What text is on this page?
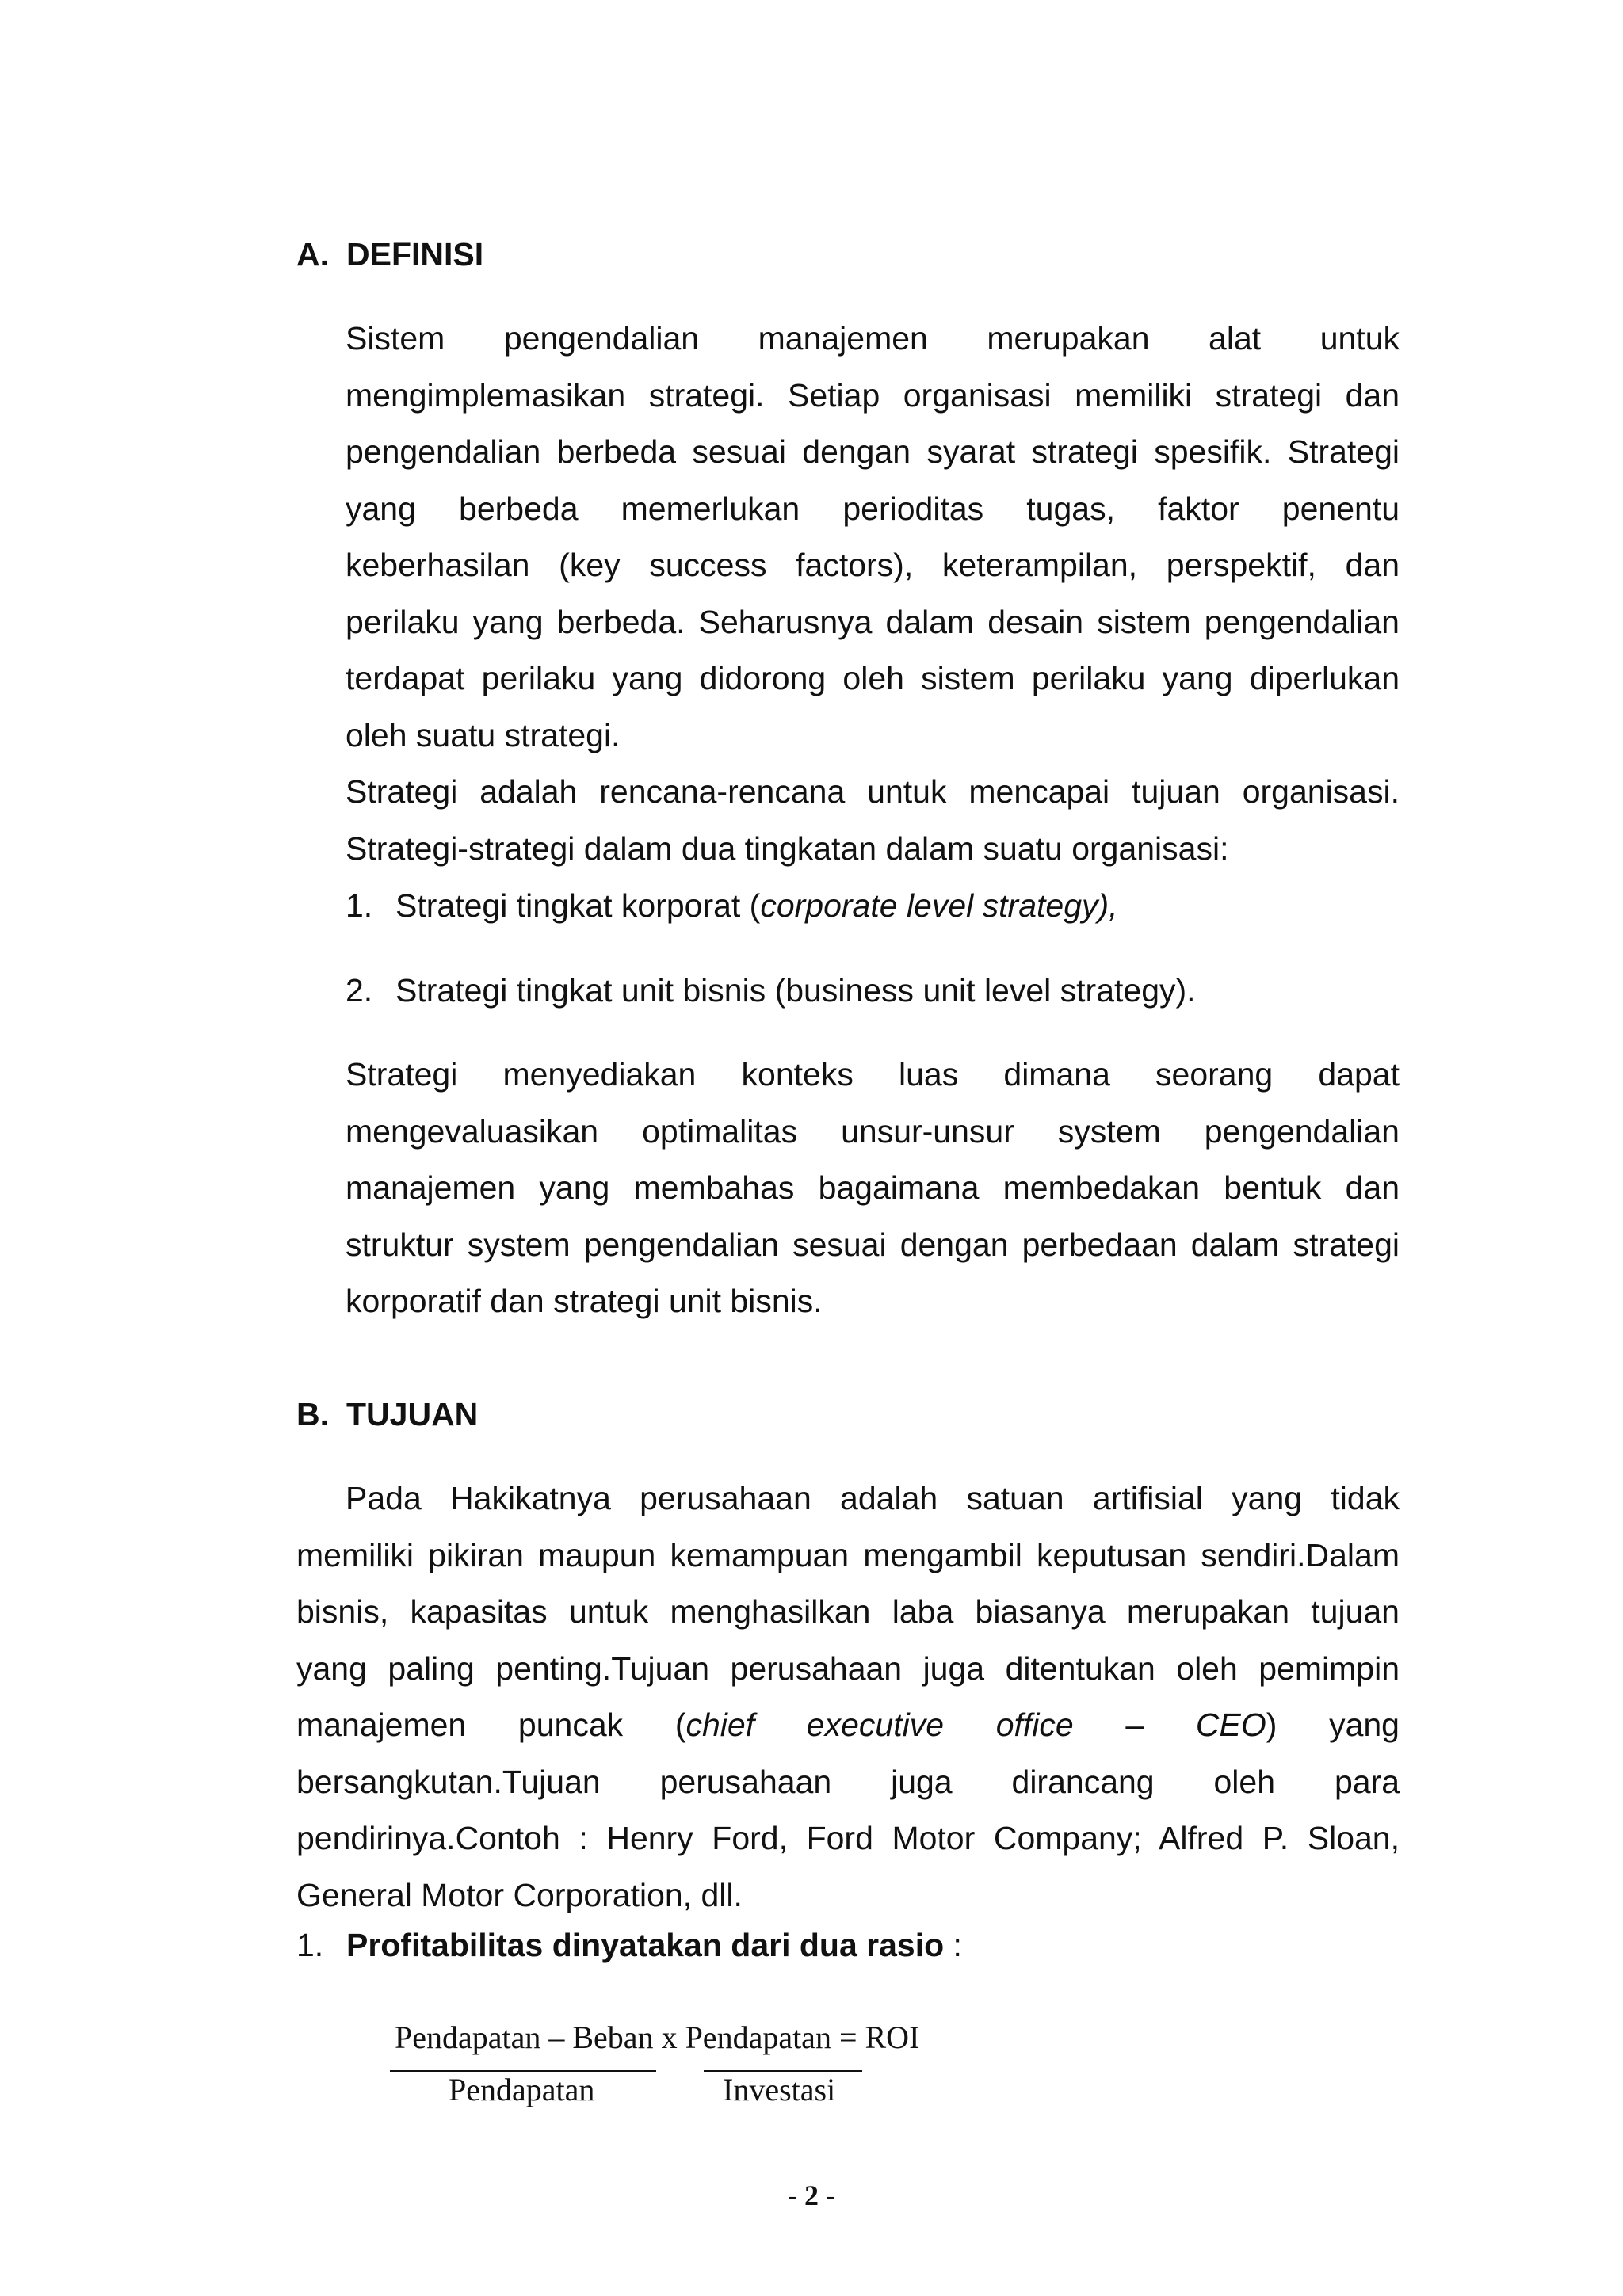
A. DEFINISI
Sistem pengendalian manajemen merupakan alat untuk
mengimplemasikan strategi. Setiap organisasi memiliki strategi dan
pengendalian berbeda sesuai dengan syarat strategi spesifik. Strategi
yang berbeda memerlukan perioditas tugas, faktor penentu
keberhasilan (key success factors), keterampilan, perspektif, dan
perilaku yang berbeda. Seharusnya dalam desain sistem pengendalian
terdapat perilaku yang didorong oleh sistem perilaku yang diperlukan
oleh suatu strategi.
Strategi adalah rencana-rencana untuk mencapai tujuan organisasi.
Strategi-strategi dalam dua tingkatan dalam suatu organisasi:
1. Strategi tingkat korporat (corporate level strategy),
2. Strategi tingkat unit bisnis (business unit level strategy).
Strategi menyediakan konteks luas dimana seorang dapat
mengevaluasikan optimalitas unsur-unsur system pengendalian
manajemen yang membahas bagaimana membedakan bentuk dan
struktur system pengendalian sesuai dengan perbedaan dalam strategi
korporatif dan strategi unit bisnis.
B. TUJUAN
Pada Hakikatnya perusahaan adalah satuan artifisial yang tidak
memiliki pikiran maupun kemampuan mengambil keputusan sendiri.Dalam
bisnis, kapasitas untuk menghasilkan laba biasanya merupakan tujuan
yang paling penting.Tujuan perusahaan juga ditentukan oleh pemimpin
manajemen puncak (chief executive office – CEO) yang
bersangkutan.Tujuan perusahaan juga dirancang oleh para
pendirinya.Contoh : Henry Ford, Ford Motor Company; Alfred P. Sloan,
General Motor Corporation, dll.
1. Profitabilitas dinyatakan dari dua rasio :
Pendapatan – Beban x Pendapatan = ROI
Pendapatan	Investasi
- 2 -
